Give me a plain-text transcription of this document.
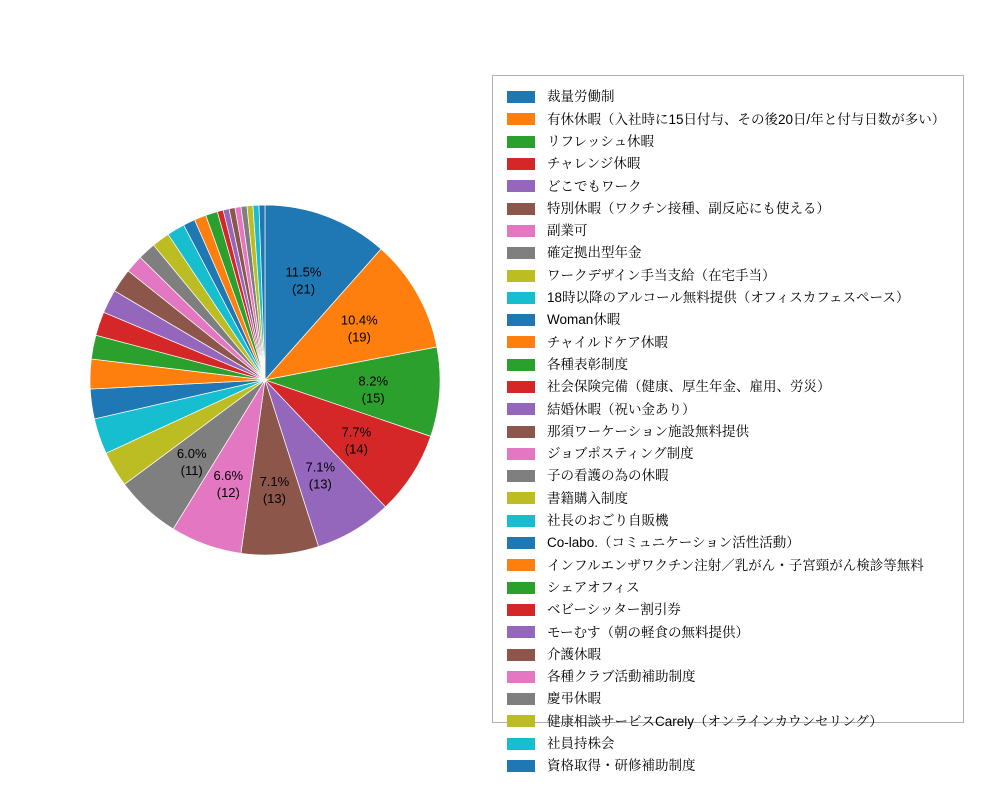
11.5%
(21)
10.4%
(19)
8.2%
(15)
7.7%
(14)
7.1%
(13)
7.1%
(13)
6.6%
(12)
6.0%
(11)
裁量労働制
有休休暇（入社時に15日付与、その後20日/年と付与日数が多い）
リフレッシュ休暇
チャレンジ休暇
どこでもワーク
特別休暇（ワクチン接種、副反応にも使える）
副業可
確定拠出型年金
ワークデザイン手当支給（在宅手当）
18時以降のアルコール無料提供（オフィスカフェスペース）
Woman休暇
チャイルドケア休暇
各種表彰制度
社会保険完備（健康、厚生年金、雇用、労災）
結婚休暇（祝い金あり）
那須ワーケーション施設無料提供
ジョブポスティング制度
子の看護の為の休暇
書籍購入制度
社長のおごり自販機
Co-labo.（コミュニケーション活性活動）
インフルエンザワクチン注射／乳がん・子宮頸がん検診等無料
シェアオフィス
ベビーシッター割引券
モーむす（朝の軽食の無料提供）
介護休暇
各種クラブ活動補助制度
慶弔休暇
健康相談サービスCarely（オンラインカウンセリング）
社員持株会
資格取得・研修補助制度
